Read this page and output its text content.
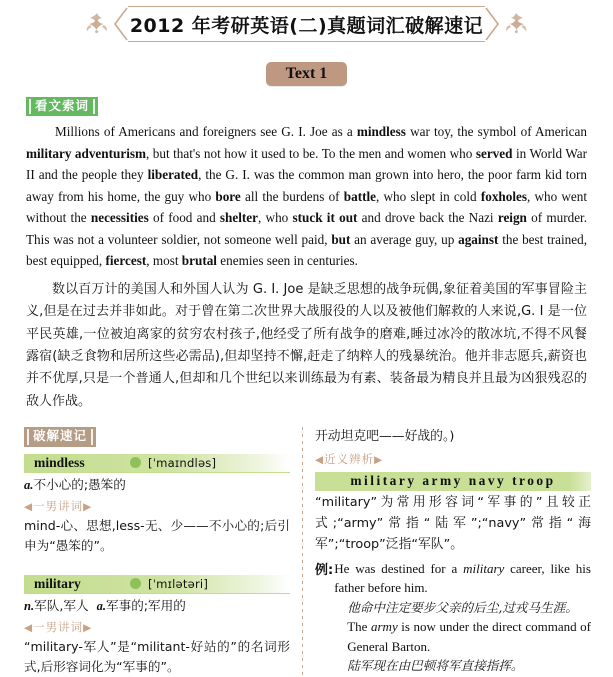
2012 年考研英语(二)真题词汇破解速记
Text 1
看文索词
Millions of Americans and foreigners see G. I. Joe as a mindless war toy, the symbol of American military adventurism, but that's not how it used to be. To the men and women who served in World War II and the people they liberated, the G. I. was the common man grown into hero, the poor farm kid torn away from his home, the guy who bore all the burdens of battle, who slept in cold foxholes, who went without the necessities of food and shelter, who stuck it out and drove back the Nazi reign of murder. This was not a volunteer soldier, not someone well paid, but an average guy, up against the best trained, best equipped, fiercest, most brutal enemies seen in centuries.
数以百万计的美国人和外国人认为 G. I. Joe 是缺乏思想的战争玩偶,象征着美国的军事冒险主义,但是在过去并非如此。对于曾在第二次世界大战服役的人以及被他们解救的人来说,G. I 是一位平民英雄,一位被迫离家的贫穷农村孩子,他经受了所有战争的磨难,睡过冰冷的散冰坑,不得不风餐露宿(缺乏食物和居所这些必需品),但却坚持不懈,赶走了纳粹人的残暴统治。他并非志愿兵,薪资也并不优厚,只是一个普通人,但却和几个世纪以来训练最为有素、装备最为精良并且最为凶狠残忍的敌人作战。
破解速记
mindless	[ˈmaɪndləs]
a.不小心的;愚笨的
◀一男讲词▶
mind-心、思想,less-无、少——不小心的;后引申为“愚笨的”。
military	[ˈmɪlətəri]
n.军队,军人 a.军事的;军用的
◀一男讲词▶
“military-军人”是“militant-好站的”的名词形式,后形容词化为“军事的”。
开动坦克吧——好战的。)
◀近义辨析▶
military army navy troop
“military”为常用形容词“军事的”且较正式;“army”常指“陆军”;“navy”常指“海军”;“troop”泛指“军队”。
例: He was destined for a military career, like his father before him.
他命中注定要步父亲的后尘,过戎马生涯。
The army is now under the direct command of General Barton.
陆军现在由巴顿将军直接指挥。
